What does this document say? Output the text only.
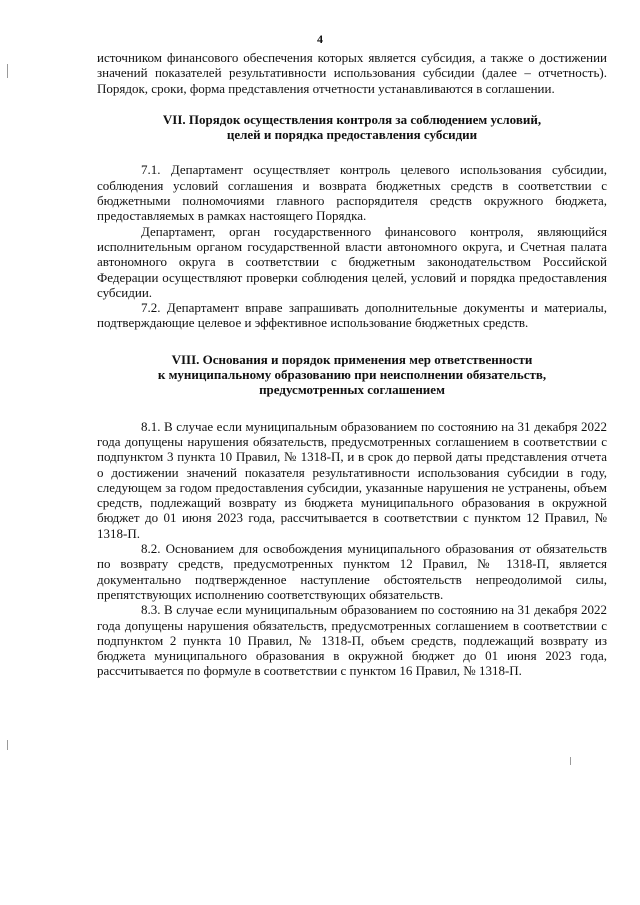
4

источником финансового обеспечения которых является субсидия, а также о достижении значений показателей результативности использования субсидии (далее – отчетность). Порядок, сроки, форма представления отчетности устанавливаются в соглашении.

VII. Порядок осуществления контроля за соблюдением условий,

целей и порядка предоставления субсидии

7.1. Департамент осуществляет контроль целевого использования субсидии, соблюдения условий соглашения и возврата бюджетных средств в соответствии с бюджетными полномочиями главного распорядителя средств окружного бюджета, предоставляемых в рамках настоящего Порядка.

Департамент, орган государственного финансового контроля, являющийся исполнительным органом государственной власти автономного округа, и Счетная палата автономного округа в соответствии с бюджетным законодательством Российской Федерации осуществляют проверки соблюдения целей, условий и порядка предоставления субсидии.

7.2. Департамент вправе запрашивать дополнительные документы и материалы, подтверждающие целевое и эффективное использование бюджетных средств.

VIII. Основания и порядок применения мер ответственности

к муниципальному образованию при неисполнении обязательств,

предусмотренных соглашением

8.1. В случае если муниципальным образованием по состоянию на 31 декабря 2022 года допущены нарушения обязательств, предусмотренных соглашением в соответствии с подпунктом 3 пункта 10 Правил, № 1318-П, и в срок до первой даты представления отчета о достижении значений показателя результативности использования субсидии в году, следующем за годом предоставления субсидии, указанные нарушения не устранены, объем средств, подлежащий возврату из бюджета муниципального образования в окружной бюджет до 01 июня 2023 года, рассчитывается в соответствии с пунктом 12 Правил, № 1318-П.

8.2. Основанием для освобождения муниципального образования от обязательств по возврату средств, предусмотренных пунктом 12 Правил, № 1318-П, является документально подтвержденное наступление обстоятельств непреодолимой силы, препятствующих исполнению соответствующих обязательств.

8.3. В случае если муниципальным образованием по состоянию на 31 декабря 2022 года допущены нарушения обязательств, предусмотренных соглашением в соответствии с подпунктом 2 пункта 10 Правил, № 1318-П, объем средств, подлежащий возврату из бюджета муниципального образования в окружной бюджет до 01 июня 2023 года, рассчитывается по формуле в соответствии с пунктом 16 Правил, № 1318-П.
